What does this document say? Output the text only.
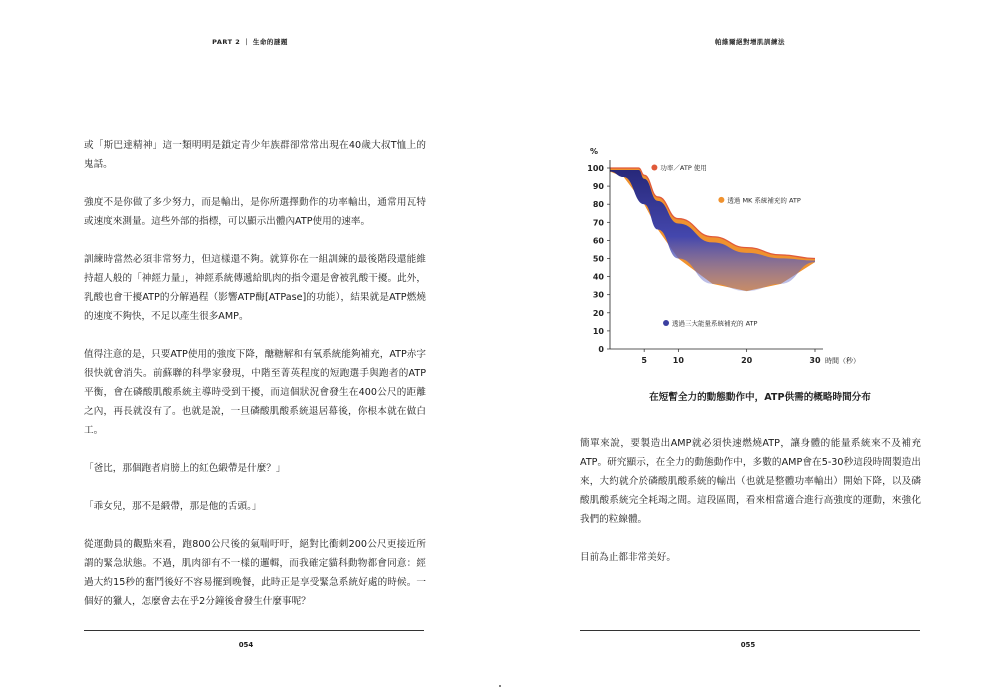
PART 2 ｜ 生命的謎題

或「斯巴達精神」這一類明明是鎖定青少年族群卻常常出現在40歲大叔T恤上的鬼話。

強度不是你做了多少努力，而是輸出，是你所選擇動作的功率輸出，通常用瓦特或速度來測量。這些外部的指標，可以顯示出體內ATP使用的速率。

訓練時當然必須非常努力，但這樣還不夠。就算你在一組訓練的最後階段還能維持超人般的「神經力量」，神經系統傳遞給肌肉的指令還是會被乳酸干擾。此外，乳酸也會干擾ATP的分解過程（影響ATP酶[ATPase]的功能），結果就是ATP燃燒的速度不夠快，不足以產生很多AMP。

值得注意的是，只要ATP使用的強度下降，醣糖解和有氧系統能夠補充，ATP赤字很快就會消失。前蘇聯的科學家發現，中階至菁英程度的短跑選手與跑者的ATP平衡，會在磷酸肌酸系統主導時受到干擾，而這個狀況會發生在400公尺的距離之內，再長就沒有了。也就是說，一旦磷酸肌酸系統退居幕後，你根本就在做白工。

「爸比，那個跑者肩膀上的紅色緞帶是什麼？」

「乖女兒，那不是緞帶，那是他的舌頭。」

從運動員的觀點來看，跑800公尺後的氣喘吁吁，絕對比衝刺200公尺更接近所謂的緊急狀態。不過，肌肉卻有不一樣的邏輯，而我確定貓科動物都會同意：經過大約15秒的奮鬥後好不容易擺到晚餐，此時正是享受緊急系統好處的時候。一個好的獵人，怎麼會去在乎2分鐘後會發生什麼事呢？

054
帕維爾絕對增肌訓練法
0
10
20
30
40
50
60
70
80
90
100
5	10	20	30
%
時間（秒）
功率／ATP 使用
透過 MK 系統補充的 ATP
透過三大能量系統補充的 ATP
在短暫全力的動態動作中，ATP供需的概略時間分布

簡單來說，要製造出AMP就必須快速燃燒ATP，讓身體的能量系統來不及補充ATP。研究顯示，在全力的動態動作中，多數的AMP會在5-30秒這段時間製造出來，大約就介於磷酸肌酸系統的輸出（也就是整體功率輸出）開始下降，以及磷酸肌酸系統完全耗竭之間。這段區間，看來相當適合進行高強度的運動，來強化我們的粒線體。

目前為止都非常美好。

055
